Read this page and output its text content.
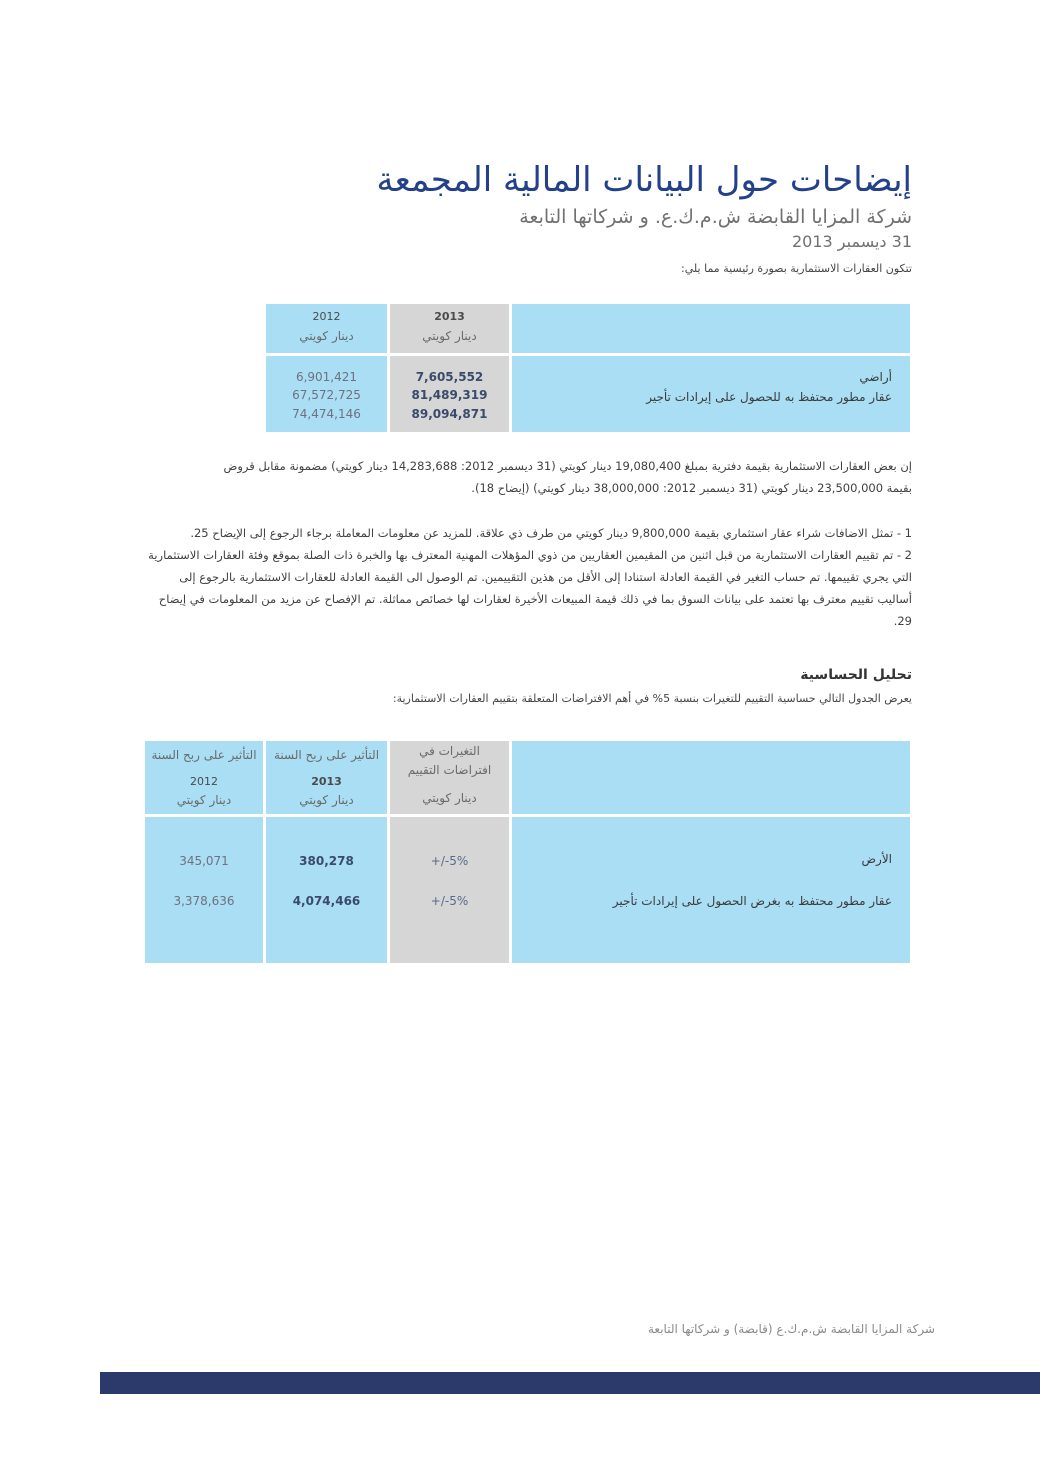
إيضاحات حول البيانات المالية المجمعة
شركة المزايا القابضة ش.م.ك.ع. و شركاتها التابعة
31 ديسمبر 2013
تتكون العقارات الاستثمارية بصورة رئيسية مما يلي:
2013
دينار كويتي
2012
دينار كويتي
أراضي
عقار مطور محتفظ به للحصول على إيرادات تأجير
7,605,552
81,489,319
89,094,871
6,901,421
67,572,725
74,474,146
إن بعض العقارات الاستثمارية بقيمة دفترية بمبلغ 19,080,400 دينار كويتي (31 ديسمبر 2012: 14,283,688 دينار كويتي) مضمونة مقابل قروض
بقيمة 23,500,000 دينار كويتي (31 ديسمبر 2012: 38,000,000 دينار كويتي) (إيضاح 18).
1 - تمثل الاضافات شراء عقار استثماري بقيمة 9,800,000 دينار كويتي من طرف ذي علاقة. للمزيد عن معلومات المعاملة برجاء الرجوع إلى الإيضاح 25.
2 - تم تقييم العقارات الاستثمارية من قبل اثنين من المقيمين العقاريين من ذوي المؤهلات المهنية المعترف بها والخبرة ذات الصلة بموقع وفئة العقارات الاستثمارية
التي يجري تقييمها. تم حساب التغير في القيمة العادلة استنادا إلى الأقل من هذين التقييمين. تم الوصول الى القيمة العادلة للعقارات الاستثمارية بالرجوع إلى
أساليب تقييم معترف بها تعتمد على بيانات السوق بما في ذلك قيمة المبيعات الأخيرة لعقارات لها خصائص مماثلة. تم الإفصاح عن مزيد من المعلومات في إيضاح
29.
تحليل الحساسية
يعرض الجدول التالي حساسية التقييم للتغيرات بنسبة 5% في أهم الافتراضات المتعلقة بتقييم العقارات الاستثمارية:
التغيرات في
افتراضات التقييم
دينار كويتي
التأثير على ربح السنة
2013
دينار كويتي
التأثير على ربح السنة
2012
دينار كويتي
الأرض
عقار مطور محتفظ به بغرض الحصول على إيرادات تأجير
+/-5%
+/-5%
380,278
4,074,466
345,071
3,378,636
شركة المزايا القابضة ش.م.ك.ع (قابضة) و شركاتها التابعة
